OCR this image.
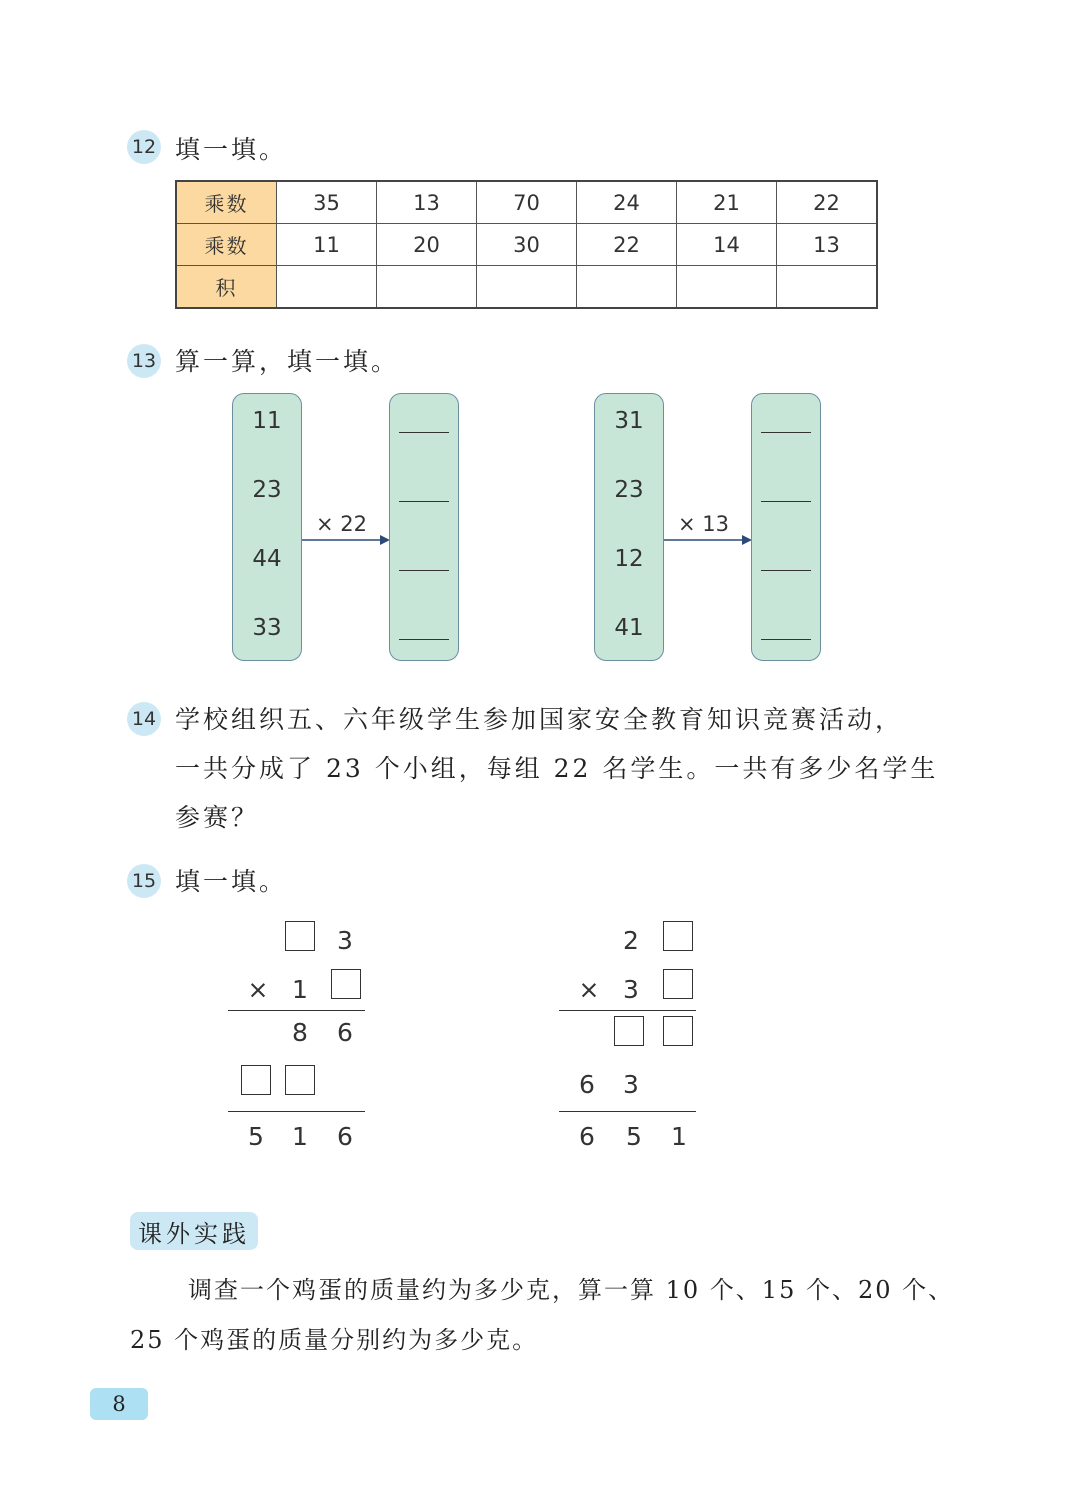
12 填一填。
乘数	35	13	70	24	21	22
乘数	11	20	30	22	14	13
积						
13 算一算，填一填。
11
23
44
33
× 22
31
23
12
41
× 13
14 学校组织五、六年级学生参加国家安全教育知识竞赛活动，
一共分成了 23 个小组，每组 22 名学生。一共有多少名学生
参赛？
15 填一填。
3
× 1
8 6
5 1 6
2
× 3
6 3
6 5 1
课外实践
调查一个鸡蛋的质量约为多少克，算一算 10 个、15 个、20 个、
25 个鸡蛋的质量分别约为多少克。
8
